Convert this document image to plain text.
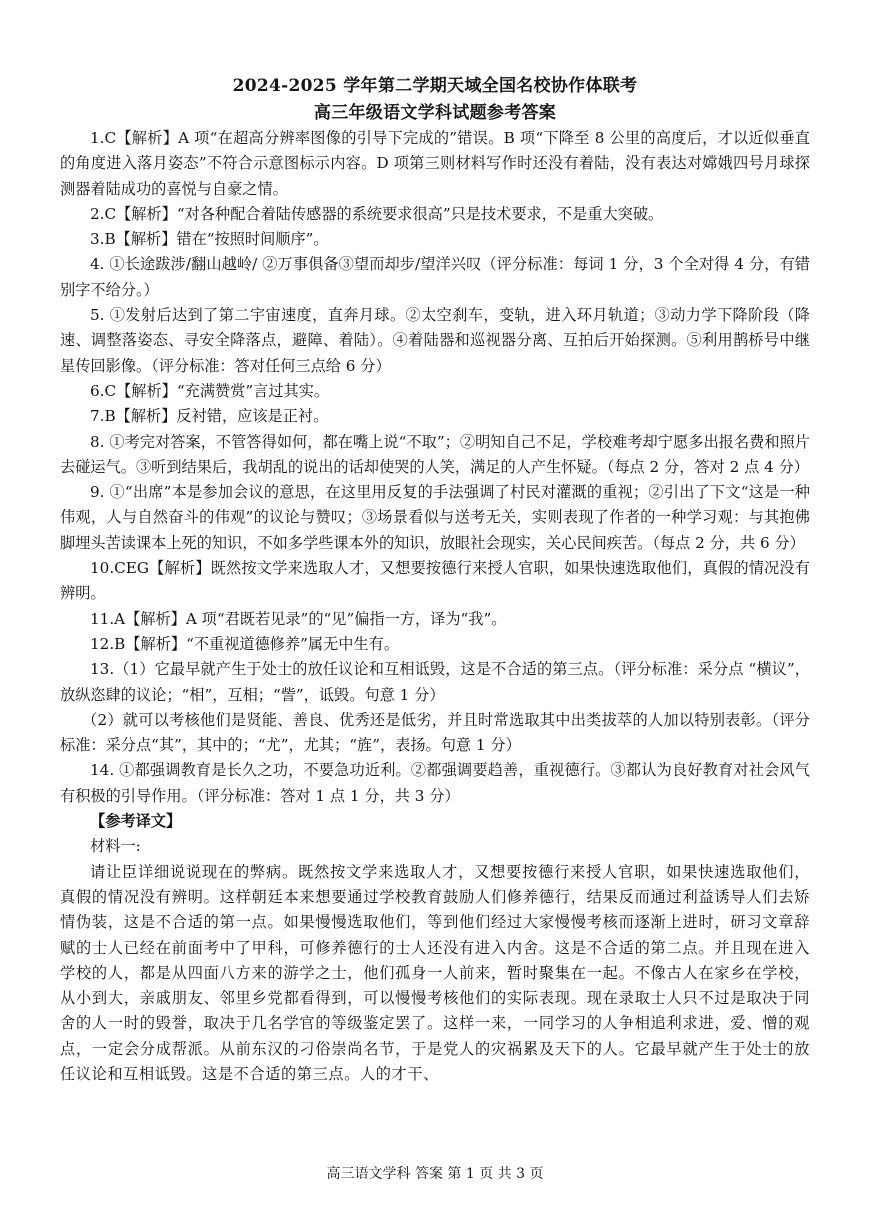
2024-2025 学年第二学期天域全国名校协作体联考
高三年级语文学科试题参考答案

1.C【解析】A 项“在超高分辨率图像的引导下完成的”错误。B 项“下降至 8 公里的高度后，才以近似垂直的角度进入落月姿态”不符合示意图标示内容。D 项第三则材料写作时还没有着陆，没有表达对嫦娥四号月球探测器着陆成功的喜悦与自豪之情。

2.C【解析】“对各种配合着陆传感器的系统要求很高”只是技术要求，不是重大突破。

3.B【解析】错在“按照时间顺序”。

4. ①长途跋涉/翻山越岭/ ②万事俱备③望而却步/望洋兴叹（评分标准：每词 1 分，3 个全对得 4 分，有错别字不给分。）

5. ①发射后达到了第二宇宙速度，直奔月球。②太空刹车，变轨，进入环月轨道；③动力学下降阶段（降速、调整落姿态、寻安全降落点，避障、着陆）。④着陆器和巡视器分离、互拍后开始探测。⑤利用鹊桥号中继星传回影像。（评分标准：答对任何三点给 6 分）

6.C【解析】“充满赞赏”言过其实。

7.B【解析】反衬错，应该是正衬。

8. ①考完对答案，不管答得如何，都在嘴上说“不取”；②明知自己不足，学校难考却宁愿多出报名费和照片去碰运气。③听到结果后，我胡乱的说出的话却使哭的人笑，满足的人产生怀疑。（每点 2 分，答对 2 点 4 分）

9. ①“出席”本是参加会议的意思，在这里用反复的手法强调了村民对灌溉的重视；②引出了下文“这是一种伟观，人与自然奋斗的伟观”的议论与赞叹；③场景看似与送考无关，实则表现了作者的一种学习观：与其抱佛脚埋头苦读课本上死的知识，不如多学些课本外的知识，放眼社会现实，关心民间疾苦。（每点 2 分，共 6 分）

10.CEG【解析】既然按文学来选取人才，又想要按德行来授人官职，如果快速选取他们，真假的情况没有辨明。

11.A【解析】A 项“君既若见录”的“见”偏指一方，译为“我”。

12.B【解析】“不重视道德修养”属无中生有。

13.（1）它最早就产生于处士的放任议论和互相诋毁，这是不合适的第三点。（评分标准：采分点 “横议”，放纵恣肆的议论；“相”，互相；“訾”，诋毁。句意 1 分）

（2）就可以考核他们是贤能、善良、优秀还是低劣，并且时常选取其中出类拔萃的人加以特别表彰。（评分标准：采分点“其”，其中的；“尤”，尤其；“旌”，表扬。句意 1 分）

14. ①都强调教育是长久之功，不要急功近利。②都强调要趋善，重视德行。③都认为良好教育对社会风气有积极的引导作用。（评分标准：答对 1 点 1 分，共 3 分）

【参考译文】

材料一:

请让臣详细说说现在的弊病。既然按文学来选取人才，又想要按德行来授人官职，如果快速选取他们，真假的情况没有辨明。这样朝廷本来想要通过学校教育鼓励人们修养德行，结果反而通过利益诱导人们去矫情伪装，这是不合适的第一点。如果慢慢选取他们，等到他们经过大家慢慢考核而逐渐上进时，研习文章辞赋的士人已经在前面考中了甲科，可修养德行的士人还没有进入内舍。这是不合适的第二点。并且现在进入学校的人，都是从四面八方来的游学之士，他们孤身一人前来，暂时聚集在一起。不像古人在家乡在学校，从小到大，亲戚朋友、邻里乡党都看得到，可以慢慢考核他们的实际表现。现在录取士人只不过是取决于同舍的人一时的毁誉，取决于几名学官的等级鉴定罢了。这样一来，一同学习的人争相追利求进，爱、憎的观点，一定会分成帮派。从前东汉的刁俗崇尚名节，于是党人的灾祸累及天下的人。它最早就产生于处士的放任议论和互相诋毁。这是不合适的第三点。人的才干、

高三语文学科 答案 第 1 页 共 3 页
